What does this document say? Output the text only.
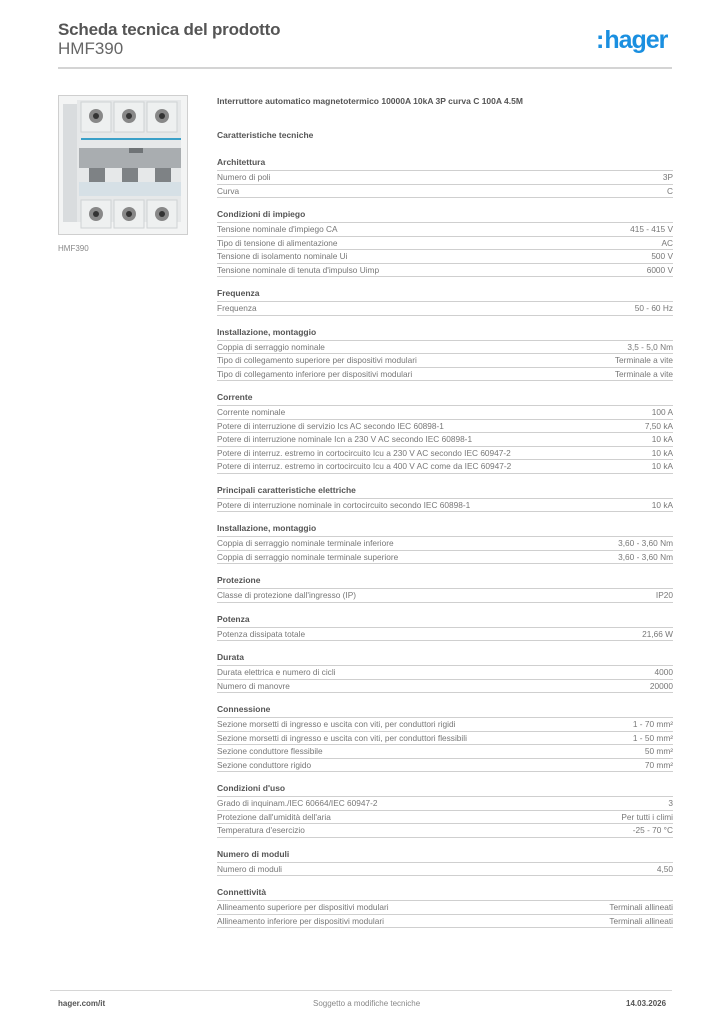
Scheda tecnica del prodotto
HMF390	:hager
HMF390
Interruttore automatico magnetotermico 10000A 10kA 3P curva C 100A 4.5M
Caratteristiche tecniche
Architettura
Numero di poli	3P
Curva	C
Condizioni di impiego
Tensione nominale d'impiego CA	415 - 415 V
Tipo di tensione di alimentazione	AC
Tensione di isolamento nominale Ui	500 V
Tensione nominale di tenuta d'impulso Uimp	6000 V
Frequenza
Frequenza	50 - 60 Hz
Installazione, montaggio
Coppia di serraggio nominale	3,5 - 5,0 Nm
Tipo di collegamento superiore per dispositivi modulari	Terminale a vite
Tipo di collegamento inferiore per dispositivi modulari	Terminale a vite
Corrente
Corrente nominale	100 A
Potere di interruzione di servizio Ics AC secondo IEC 60898-1	7,50 kA
Potere di interruzione nominale Icn a 230 V AC secondo IEC 60898-1	10 kA
Potere di interruz. estremo in cortocircuito Icu a 230 V AC secondo IEC 60947-2	10 kA
Potere di interruz. estremo in cortocircuito Icu a 400 V AC come da IEC 60947-2	10 kA
Principali caratteristiche elettriche
Potere di interruzione nominale in cortocircuito secondo IEC 60898-1	10 kA
Installazione, montaggio
Coppia di serraggio nominale terminale inferiore	3,60 - 3,60 Nm
Coppia di serraggio nominale terminale superiore	3,60 - 3,60 Nm
Protezione
Classe di protezione dall'ingresso (IP)	IP20
Potenza
Potenza dissipata totale	21,66 W
Durata
Durata elettrica e numero di cicli	4000
Numero di manovre	20000
Connessione
Sezione morsetti di ingresso e uscita con viti, per conduttori rigidi	1 - 70 mm²
Sezione morsetti di ingresso e uscita con viti, per conduttori flessibili	1 - 50 mm²
Sezione conduttore flessibile	50 mm²
Sezione conduttore rigido	70 mm²
Condizioni d'uso
Grado di inquinam./IEC 60664/IEC 60947-2	3
Protezione dall'umidità dell'aria	Per tutti i climi
Temperatura d'esercizio	-25 - 70 °C
Numero di moduli
Numero di moduli	4,50
Connettività
Allineamento superiore per dispositivi modulari	Terminali allineati
Allineamento inferiore per dispositivi modulari	Terminali allineati
hager.com/it	Soggetto a modifiche tecniche	14.03.2026
